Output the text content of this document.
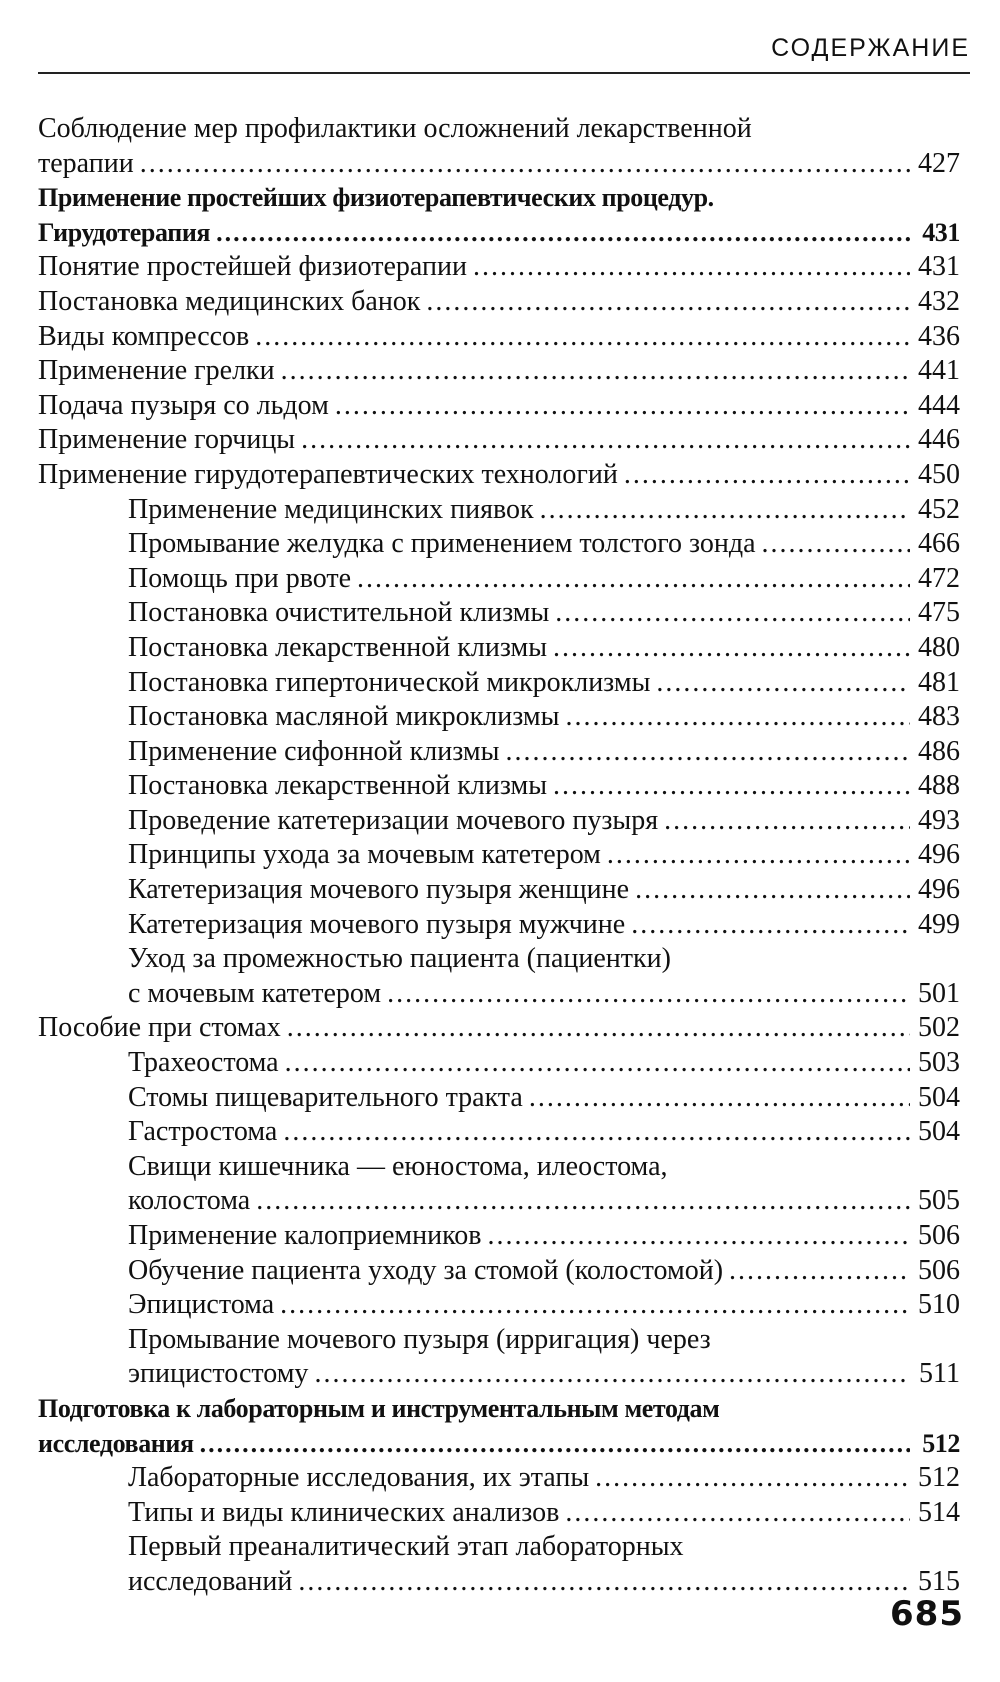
СОДЕРЖАНИЕ
Соблюдение мер профилактики осложнений лекарственной
терапии .....	427
Применение простейших физиотерапевтических процедур.
Гирудотерапия .....	431
Понятие простейшей физиотерапии .....	431
Постановка медицинских банок .....	432
Виды компрессов .....	436
Применение грелки .....	441
Подача пузыря со льдом .....	444
Применение горчицы .....	446
Применение гирудотерапевтических технологий .....	450
Применение медицинских пиявок .....	452
Промывание желудка с применением толстого зонда .....	466
Помощь при рвоте .....	472
Постановка очистительной клизмы .....	475
Постановка лекарственной клизмы .....	480
Постановка гипертонической микроклизмы .....	481
Постановка масляной микроклизмы .....	483
Применение сифонной клизмы .....	486
Постановка лекарственной клизмы .....	488
Проведение катетеризации мочевого пузыря .....	493
Принципы ухода за мочевым катетером .....	496
Катетеризация мочевого пузыря женщине .....	496
Катетеризация мочевого пузыря мужчине .....	499
Уход за промежностью пациента (пациентки)
с мочевым катетером .....	501
Пособие при стомах .....	502
Трахеостома .....	503
Стомы пищеварительного тракта .....	504
Гастростома .....	504
Свищи кишечника — еюностома, илеостома,
колостома .....	505
Применение калоприемников .....	506
Обучение пациента уходу за стомой (колостомой) .....	506
Эпицистома .....	510
Промывание мочевого пузыря (ирригация) через
эпицистостому .....	511
Подготовка к лабораторным и инструментальным методам
исследования .....	512
Лабораторные исследования, их этапы .....	512
Типы и виды клинических анализов .....	514
Первый преаналитический этап лабораторных
исследований .....	515
685
